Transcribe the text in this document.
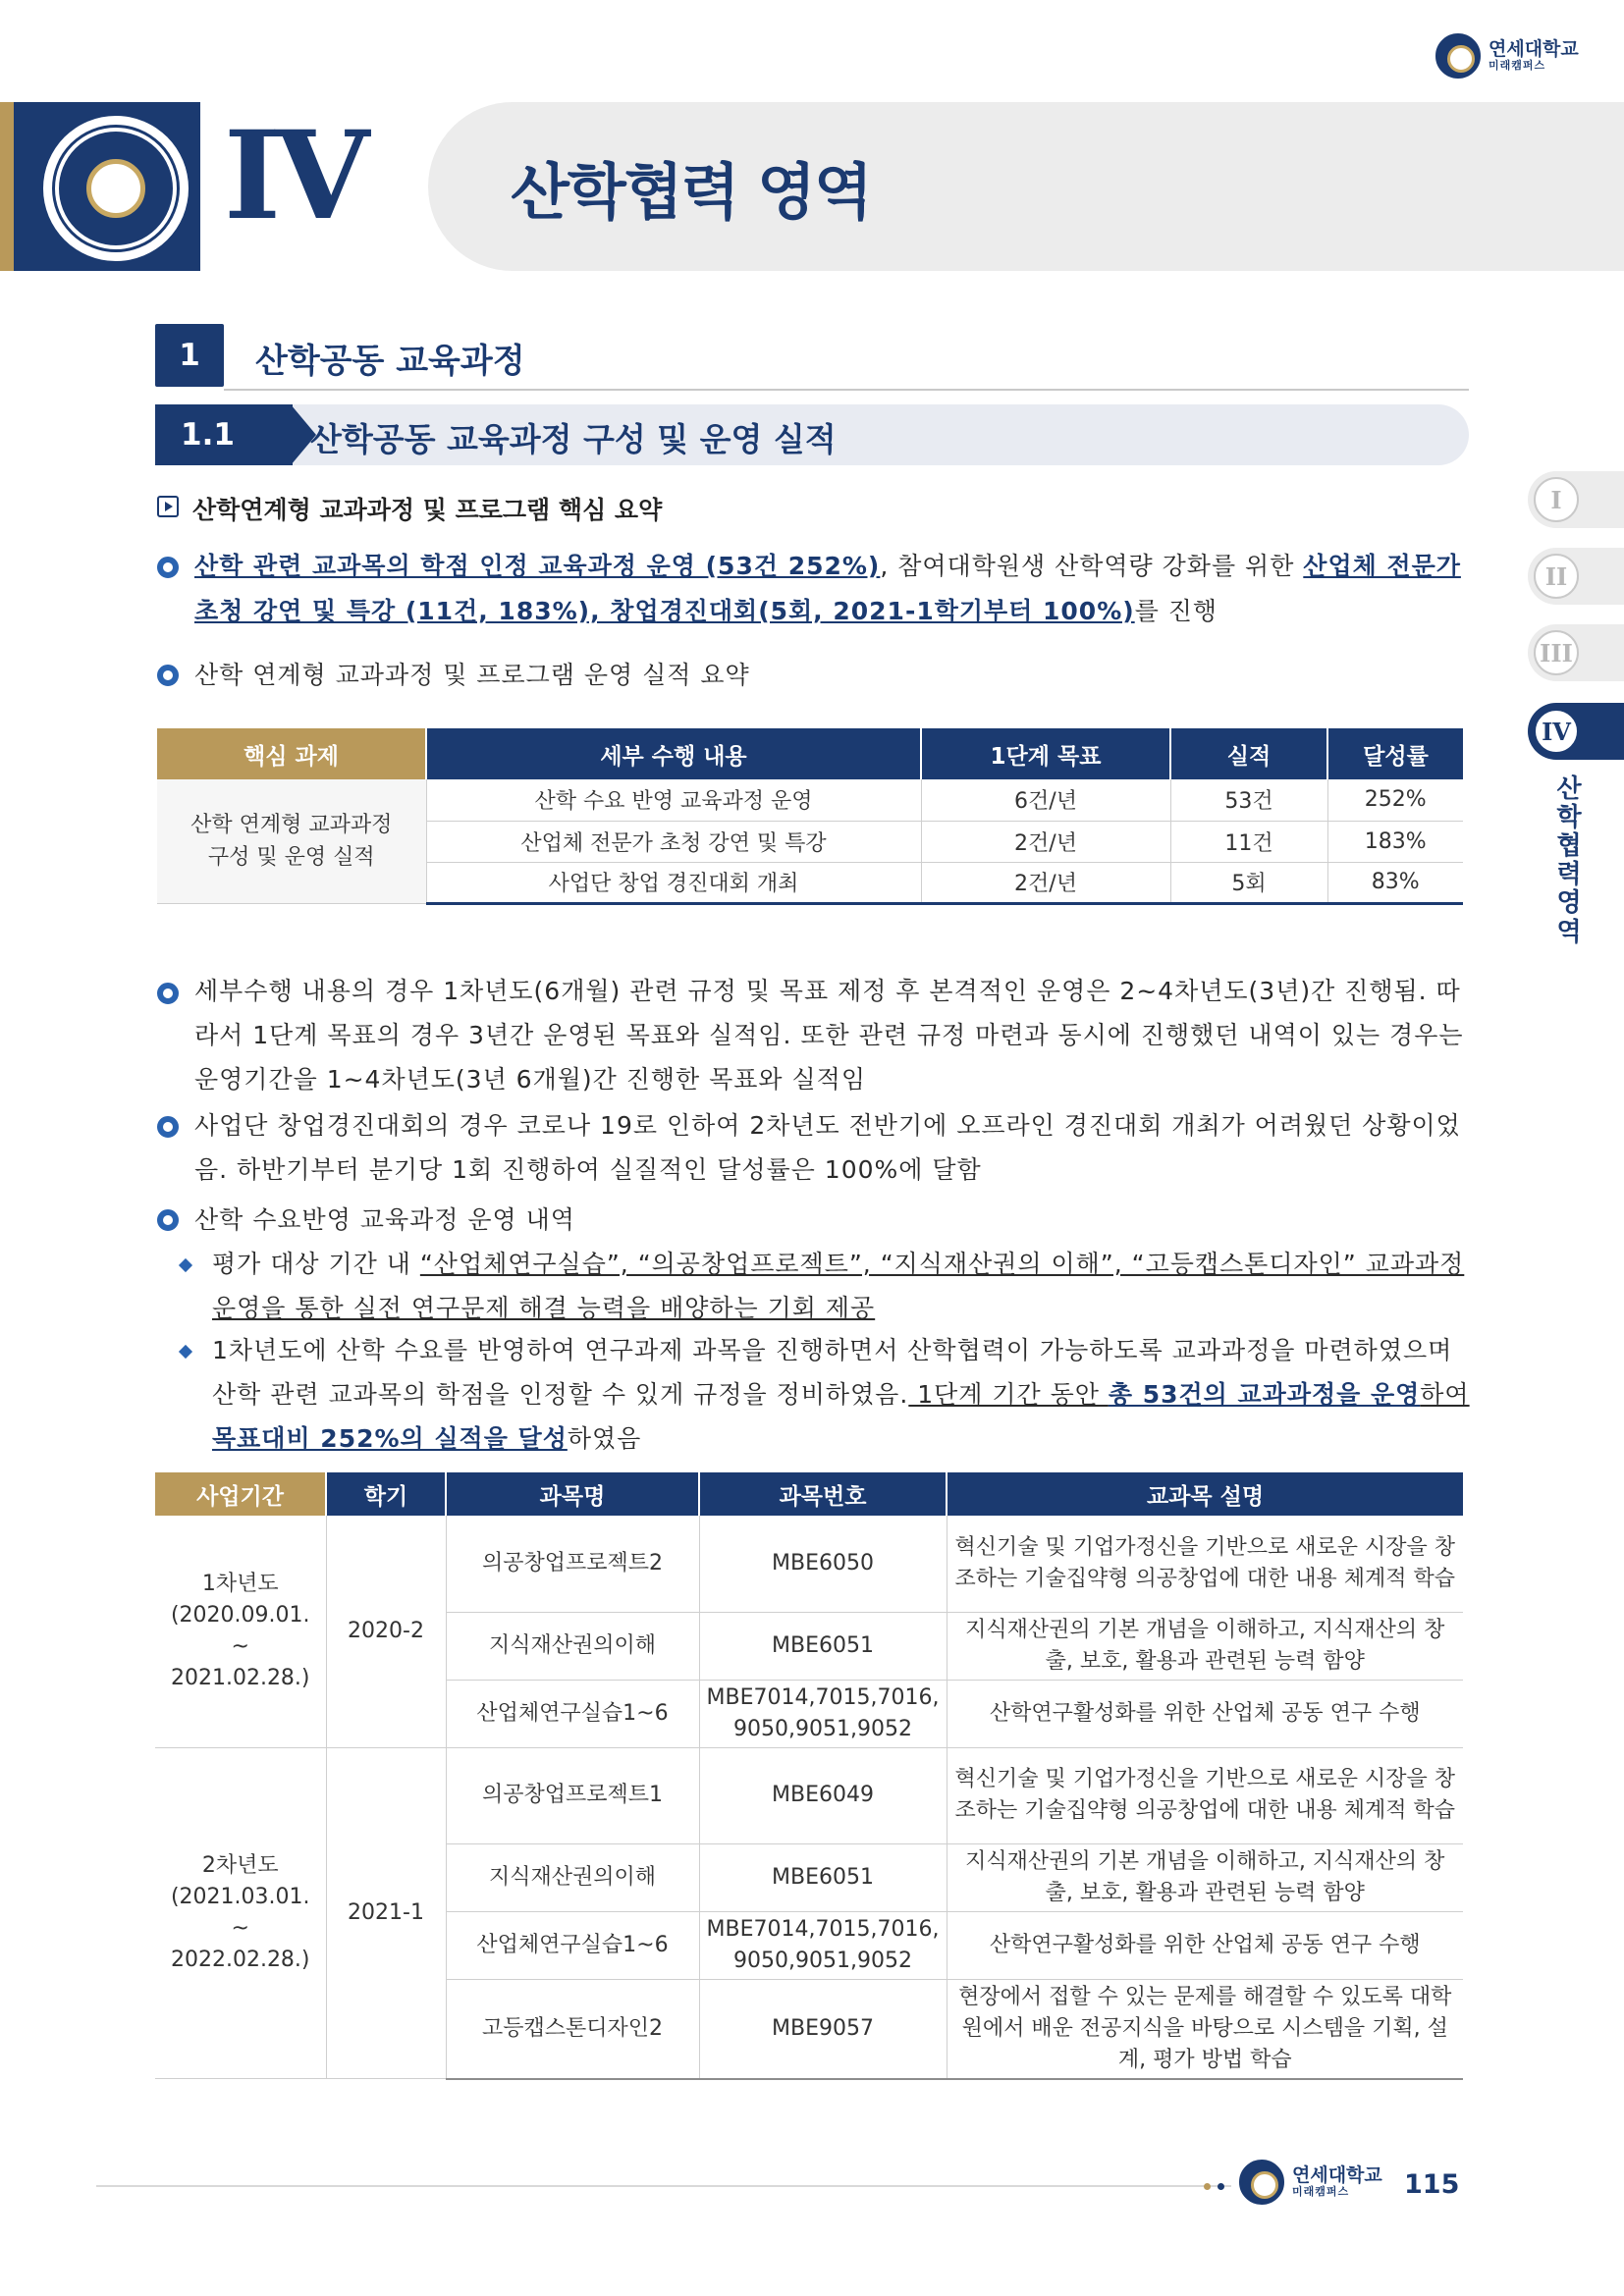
연세대학교
미래캠퍼스
IV 산학협력 영역
I
II
III
IV
산학협력 영역
1	산학공동 교육과정
1.1	산학공동 교육과정 구성 및 운영 실적
산학연계형 교과과정 및 프로그램 핵심 요약
산학 관련 교과목의 학점 인정 교육과정 운영 (53건 252%), 참여대학원생 산학역량 강화를 위한 산업체 전문가 초청 강연 및 특강 (11건, 183%), 창업경진대회(5회, 2021-1학기부터 100%)를 진행
산학 연계형 교과과정 및 프로그램 운영 실적 요약
핵심 과제	세부 수행 내용	1단계 목표	실적	달성률

산학 연계형 교과과정
구성 및 운영 실적	산학 수요 반영 교육과정 운영	6건/년	53건	252%
	산업체 전문가 초청 강연 및 특강	2건/년	11건	183%
	사업단 창업 경진대회 개최	2건/년	5회	83%
세부수행 내용의 경우 1차년도(6개월) 관련 규정 및 목표 제정 후 본격적인 운영은 2~4차년도(3년)간 진행됨. 따라서 1단계 목표의 경우 3년간 운영된 목표와 실적임. 또한 관련 규정 마련과 동시에 진행했던 내역이 있는 경우는 운영기간을 1~4차년도(3년 6개월)간 진행한 목표와 실적임
사업단 창업경진대회의 경우 코로나 19로 인하여 2차년도 전반기에 오프라인 경진대회 개최가 어려웠던 상황이었음. 하반기부터 분기당 1회 진행하여 실질적인 달성률은 100%에 달함
산학 수요반영 교육과정 운영 내역
평가 대상 기간 내 “산업체연구실습”, “의공창업프로젝트”, “지식재산권의 이해”, “고등캡스톤디자인” 교과과정 운영을 통한 실전 연구문제 해결 능력을 배양하는 기회 제공
1차년도에 산학 수요를 반영하여 연구과제 과목을 진행하면서 산학협력이 가능하도록 교과과정을 마련하였으며 산학 관련 교과목의 학점을 인정할 수 있게 규정을 정비하였음. 1단계 기간 동안 총 53건의 교과과정을 운영하여 목표대비 252%의 실적을 달성하였음
사업기간	학기	과목명	과목번호	교과목 설명

1차년도
(2020.09.01.
~
2021.02.28.)	2020-2	의공창업프로젝트2	MBE6050	혁신기술 및 기업가정신을 기반으로 새로운 시장을 창조하는 기술집약형 의공창업에 대한 내용 체계적 학습
		지식재산권의이해	MBE6051	지식재산권의 기본 개념을 이해하고, 지식재산의 창출, 보호, 활용과 관련된 능력 함양
		산업체연구실습1~6	MBE7014,7015,7016, 9050,9051,9052	산학연구활성화를 위한 산업체 공동 연구 수행

2차년도
(2021.03.01.
~
2022.02.28.)	2021-1	의공창업프로젝트1	MBE6049	혁신기술 및 기업가정신을 기반으로 새로운 시장을 창조하는 기술집약형 의공창업에 대한 내용 체계적 학습
		지식재산권의이해	MBE6051	지식재산권의 기본 개념을 이해하고, 지식재산의 창출, 보호, 활용과 관련된 능력 함양
		산업체연구실습1~6	MBE7014,7015,7016, 9050,9051,9052	산학연구활성화를 위한 산업체 공동 연구 수행
		고등캡스톤디자인2	MBE9057	현장에서 접할 수 있는 문제를 해결할 수 있도록 대학원에서 배운 전공지식을 바탕으로 시스템을 기획, 설계, 평가 방법 학습
연세대학교
미래캠퍼스	115
